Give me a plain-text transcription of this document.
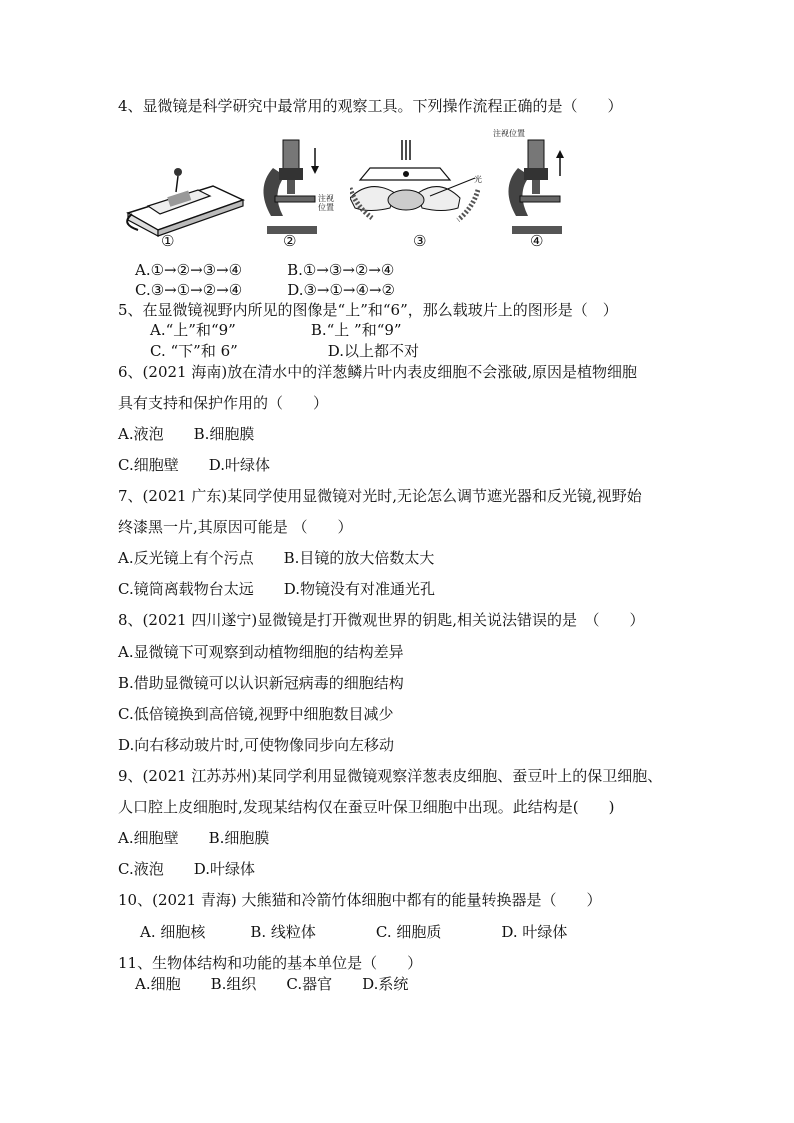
4、显微镜是科学研究中最常用的观察工具。下列操作流程正确的是（　　）
①
注视位置
②
光
③
注视位置
④
A.①→②→③→④　　　B.①→③→②→④
C.③→①→②→④　　　D.③→①→④→②
5、在显微镜视野内所见的图像是“上”和“6”，那么载玻片上的图形是（　）
A.“上”和“9”　　　　　B.“上 ”和“9”
C. “下”和 6”　　　　　　D.以上都不对
6、(2021 海南)放在清水中的洋葱鳞片叶内表皮细胞不会涨破,原因是植物细胞
具有支持和保护作用的（　　）
A.液泡　　B.细胞膜
C.细胞壁　　D.叶绿体
7、(2021 广东)某同学使用显微镜对光时,无论怎么调节遮光器和反光镜,视野始
终漆黑一片,其原因可能是 （　　）
A.反光镜上有个污点　　B.目镜的放大倍数太大
C.镜筒离载物台太远　　D.物镜没有对准通光孔
8、(2021 四川遂宁)显微镜是打开微观世界的钥匙,相关说法错误的是　（　　）
A.显微镜下可观察到动植物细胞的结构差异
B.借助显微镜可以认识新冠病毒的细胞结构
C.低倍镜换到高倍镜,视野中细胞数目减少
D.向右移动玻片时,可使物像同步向左移动
9、(2021 江苏苏州)某同学利用显微镜观察洋葱表皮细胞、蚕豆叶上的保卫细胞、
人口腔上皮细胞时,发现某结构仅在蚕豆叶保卫细胞中出现。此结构是(　　)
A.细胞壁　　B.细胞膜
C.液泡　　D.叶绿体
10、(2021 青海) 大熊猫和冷箭竹体细胞中都有的能量转换器是（　　）
A. 细胞核　　　B. 线粒体　　　　C. 细胞质　　　　D. 叶绿体
11、生物体结构和功能的基本单位是（　　）
A.细胞　　B.组织　　C.器官　　D.系统
